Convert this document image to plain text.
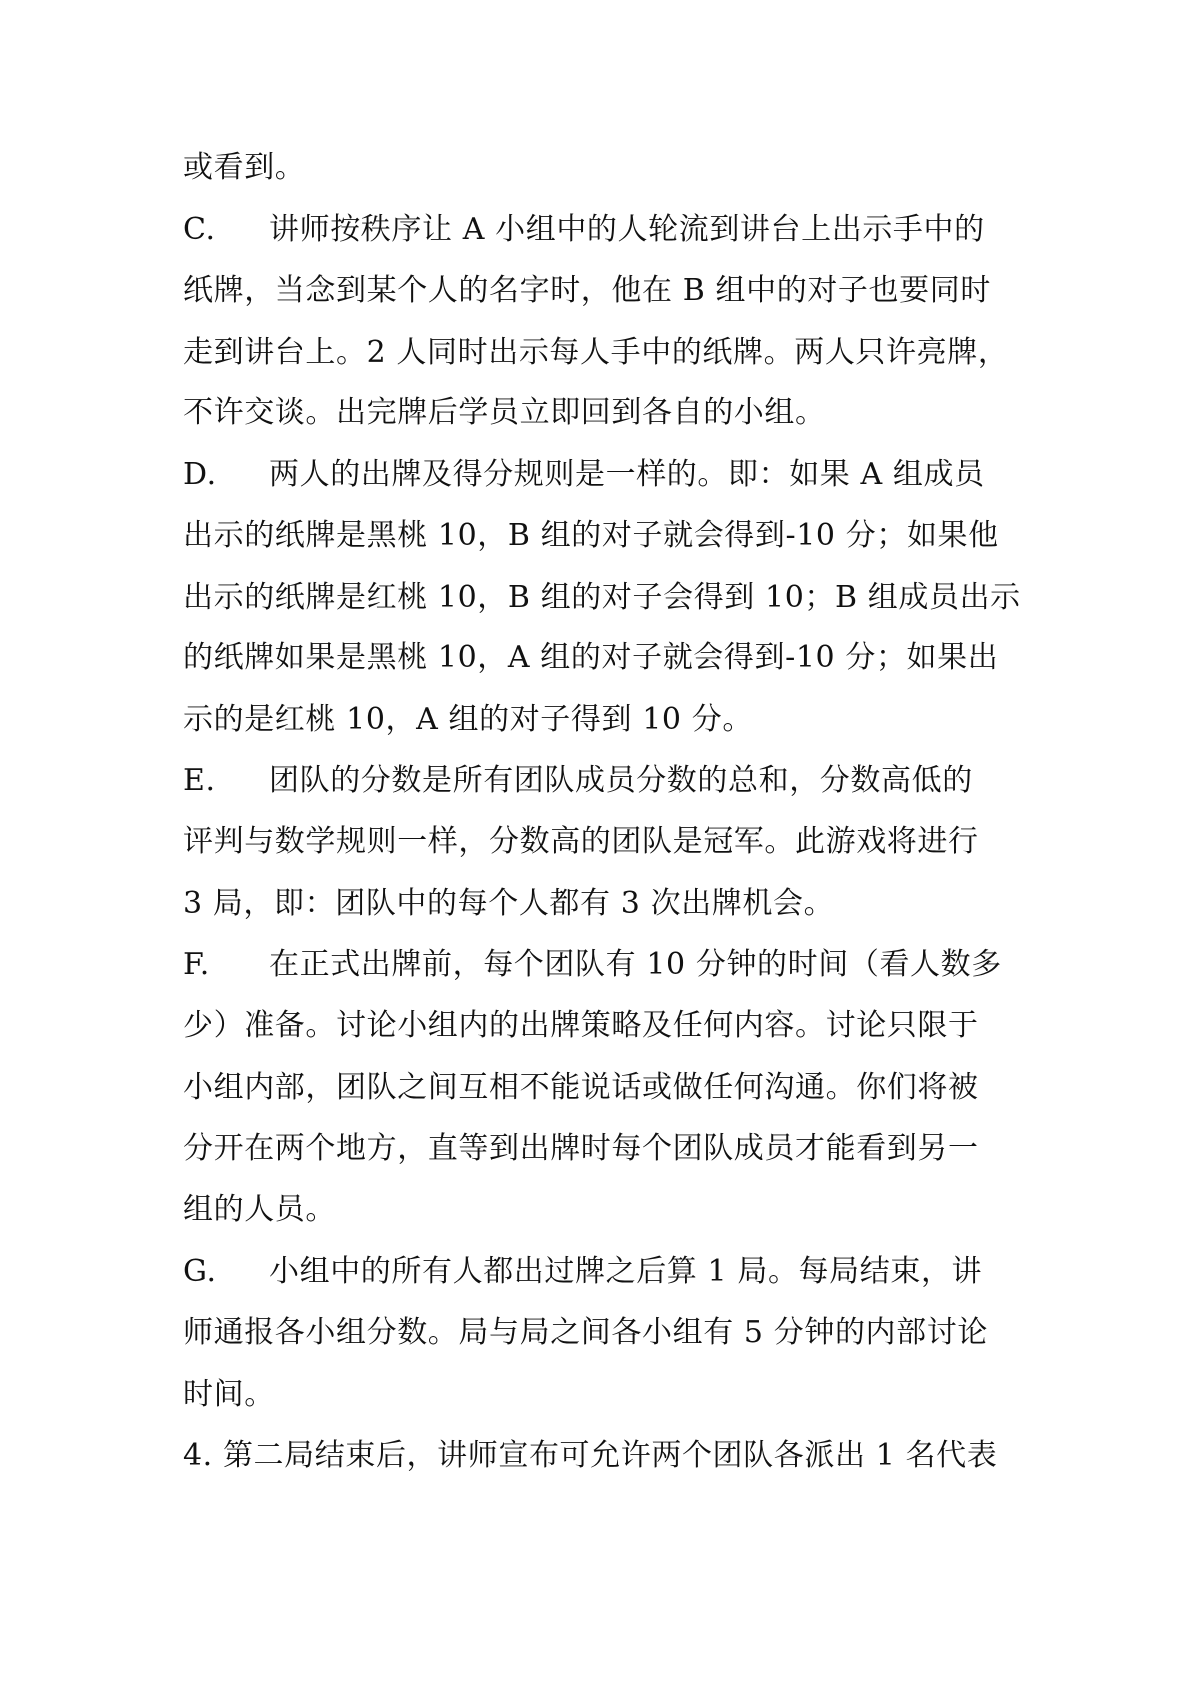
或看到。
C. 讲师按秩序让 A 小组中的人轮流到讲台上出示手中的
纸牌，当念到某个人的名字时，他在 B 组中的对子也要同时
走到讲台上。2 人同时出示每人手中的纸牌。两人只许亮牌，
不许交谈。出完牌后学员立即回到各自的小组。
D. 两人的出牌及得分规则是一样的。即：如果 A 组成员
出示的纸牌是黑桃 10，B 组的对子就会得到-10 分；如果他
出示的纸牌是红桃 10，B 组的对子会得到 10；B 组成员出示
的纸牌如果是黑桃 10，A 组的对子就会得到-10 分；如果出
示的是红桃 10，A 组的对子得到 10 分。
E. 团队的分数是所有团队成员分数的总和，分数高低的
评判与数学规则一样，分数高的团队是冠军。此游戏将进行
3 局，即：团队中的每个人都有 3 次出牌机会。
F. 在正式出牌前，每个团队有 10 分钟的时间（看人数多
少）准备。讨论小组内的出牌策略及任何内容。讨论只限于
小组内部，团队之间互相不能说话或做任何沟通。你们将被
分开在两个地方，直等到出牌时每个团队成员才能看到另一
组的人员。
G. 小组中的所有人都出过牌之后算 1 局。每局结束，讲
师通报各小组分数。局与局之间各小组有 5 分钟的内部讨论
时间。
4. 第二局结束后，讲师宣布可允许两个团队各派出 1 名代表
